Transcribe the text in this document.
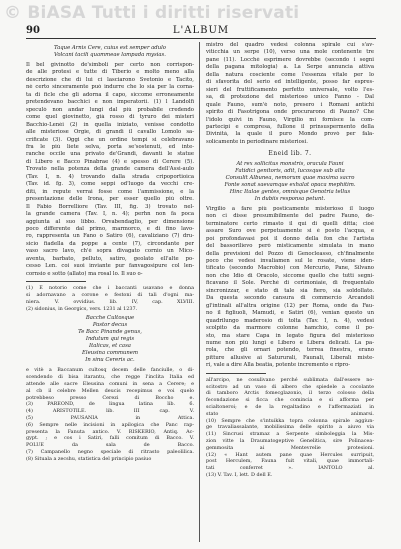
© BiASA Tutti i diritti riservati
90	L'ALBUM
Taque Arnis Cere, cuius est semper adulo
Volcani tacili quammeae lampada mysias.
Il bel givinotto de'simboli per certo non corrispon-
de alle protesi e tutte di Tiberio e molto meno alla
descrizione che di lui ci lasciarono Svetonio e Tacito,
nè certo sinceramente può indurre che lo sia per la corna-
ta di ficle che gli adorna il capo, siccome erroneamente
pretendevano bacchici e non imperatorii. (1) l Landolfi
speculò non andar lungi dal più probabile credendo
come quel giovinetto, già rosso di tyruro dei misteri
Bacchio-Lenèi (2) in quella iniziato, venisse condotto
alle misteriose Orgie, di grandi il cavallo Lomolo sa-
crificate (3). Oggi che un ordine tempi si celebravano
fra le più liete selva, porta se'sostenuti, ed inte-
ranche occile una privato de'Grandi, davanti le statue
di Libero e Bacco Pinabrae (4) e spesso di Cerere (5).
Trovato nella potenza della grande camera dell'Assi-aulo
(Tav. I, n. 4) trovando dalla strada cripoportioica
(Tav. id. fg. 3), come seppi od'luogo da vecchi cre-
diti, in repute verrai fosse come l'ammissione, e la
presentazione delle Irona, per esser quello più oltre.
Il Fabio Borrelliore (Tav. III, fig. 3) trovato nel-
la grande camera (Tav. I, n. 4); perhn non fa poca
aggiunta al suo libbo. Orvabendaglio, per dimensione
poco differente dal primo, marmorco, e di fino lavo-
ro, rappresenta un Fano o Satiro (6), cavaliziano (7) dru-
sicio fiadella da poppe a cente (7), circondante per
vaso sacro lavo, ch'è sopra divagato cornio un Mico-
aventa, barbato, pelluto, satiro, geolato ell'alte po-
cesso Len. coi suoi inviante pur fanvagosipure col len-
cornsio e sotto (allato) ma rosal lo. Il suo o-
(1) È notorio come che i baccanti usavano e donna
si adornavano a corone e festoni di tali d'ogni ma-
niera. V. ovvidius. lib. IV, cap. XLVIII.
(2) sidonius, in Georgics, vers. 1231 al 1237.
Bacche Cultosque
Pastor decus
Te Bacc Pinande genus,
Indutum qui regis
Italicas, et casa
Eleusina communem
In sinu Cereris ac.
e vitè a Baccanum cultosq decem delle fanciulle, o di-
scendendo di bisa itarantu, che regge l'inclita Italia ed
attende alle sacre Eleusina comuni in sena a Cerere; e
al cb il celebre Mellen deucis recepimus e voi quelo
potrebbeso presso Cerezi di Boccho e.
(3) PAREOND, de lingua latina lib. 6.
(4) ARISTOTILE. lib. III cap. V.
(5) PAUSANIA in Attica.
(6) Sempre nelle incisioni in apilogica che Panc rap-
presenta la Fanuta antico. V. RISKERIO, Antiq. Ac-
gypt. ; e cos i Satiri, falli comitum di Bacco. V.
POLUE da sala de Bacco.
(7) Campanello negno speciale di ritrasto paleolilica.
(8) Situala a zecshu, statistica del principio pasiuo
mistro del quadro vedesi colonna spirale cui s'av-
viticchia un serpe (10), verso una mole contenente tre
pane (11). Locchè esprimere dovrebbe (secondo i segni
della pagana mitologia) a. La Serpe annuncia attiva
della natura cosciente come l'essenza vitale per lo
di sfavorita del serio ed intelligente, posso far espres-
sieri del fruttificamento perfetto universale, volto l'es-
sa, di protezione del misterioso unico Fanno - Dal
quale Fauno, sum'è noto, presero i Romani antichi
spirito di Fasotrigona onde procurarono di Pauno? Che
l'idolo quivi in Fauno, Virgilio mi fornisce la com-
partecipi e compresa, fullone il prinsuspermento della
Divinità, la quale il puro Mondo provò per fala-
solicamente in periodinare misteriosi.
Eneid lib. 7.
At rex sollicitus monstris, oracula Fauni
Fatidici genitoris, adit, lucosque sub alta
Consulit Albunea, nemorum quae maxima sacro
Fonte sonat saevamque exhalat opaca mephitim.
Hinc Italae gentes, omnisque Oenotria tellus
In dubiis responsa petunt.
Virgilio a fare più posticamente misterioso il luogo
non ci disse presumibilmente del padre Fauno, de-
terminatore certo rimasto il qui di quelli ditta; cioè
assare Suro ove perpetuamente si è posto l'acqua, e
poi profondavasi poi il donno della fon che l'artista
del bassorilievo però misticamente simulata in mano
della previsioni del Pozzo di Genocleasso, ch'finalmente
poco che vedesi invaliamen sul le rosate, viene iden-
tificato (secondo Macrobio) con Mercurio, Pane, Silvano
non che Idio di Oracolo, siccome quello che tutti segni-
ficavano il Sole. Perchè di cerimoniaie, di frequentalo
sincronizzar, e stato di tale sia fiero, sia soldollato.
Da questa secondo cansura di commercio Arcandoli
gl'intinali all'altra origine (12) per Roma, onde da Fau-
no il figliuoli, Mamudi, e Satiri (6), venian questo un
quadrilungo maderosio di tolta (Tav. I, n. 4), vedesi
scolpito da marmore colonne hamchio, come il po-
sto, ma stare Capa in legato figura del misterioso
nume non più lungi e Libero e Libera delicati. La pa-
rola, che gli ornari potendo, terrea finestra, erano
pitture allusive ai Satururali, Faunali, Liberali miste-
ri, vale a dire Alla beatia, potente incremento e ripro-
all'arcipo, ne cosulivano perché sublimata dall'essere no-
scitostro ad un vaso di albero che spiedele a cocolante
di tamboro Arctis fomecglazonio, il terzo colosso della
fecondazione si ficca che comincia e si afforma per
scialtoneroi; e de la regaltadino e l'affermaziati in
stato animarsi.
(10) Sempre che s'intuikka topra colonna spirale aggiun-
ge travaliassalante, mobilissima delle spirito a aiuvo via
(11) Sincrusi stramaz a Serpente simboleggia la Mis-
zion vitte la Draumatogeptive Genelitica, sire Polinacea-
gemmosita ai Mentevrelie protesioni.
(12) « Hant autem pane quae Hercules surripuit,
post Herculem, Fauna fuit vitali, quae immortali-
tati conferret ». IANTOLO al.
(13) V. Tav. I, lett. D dell E.
